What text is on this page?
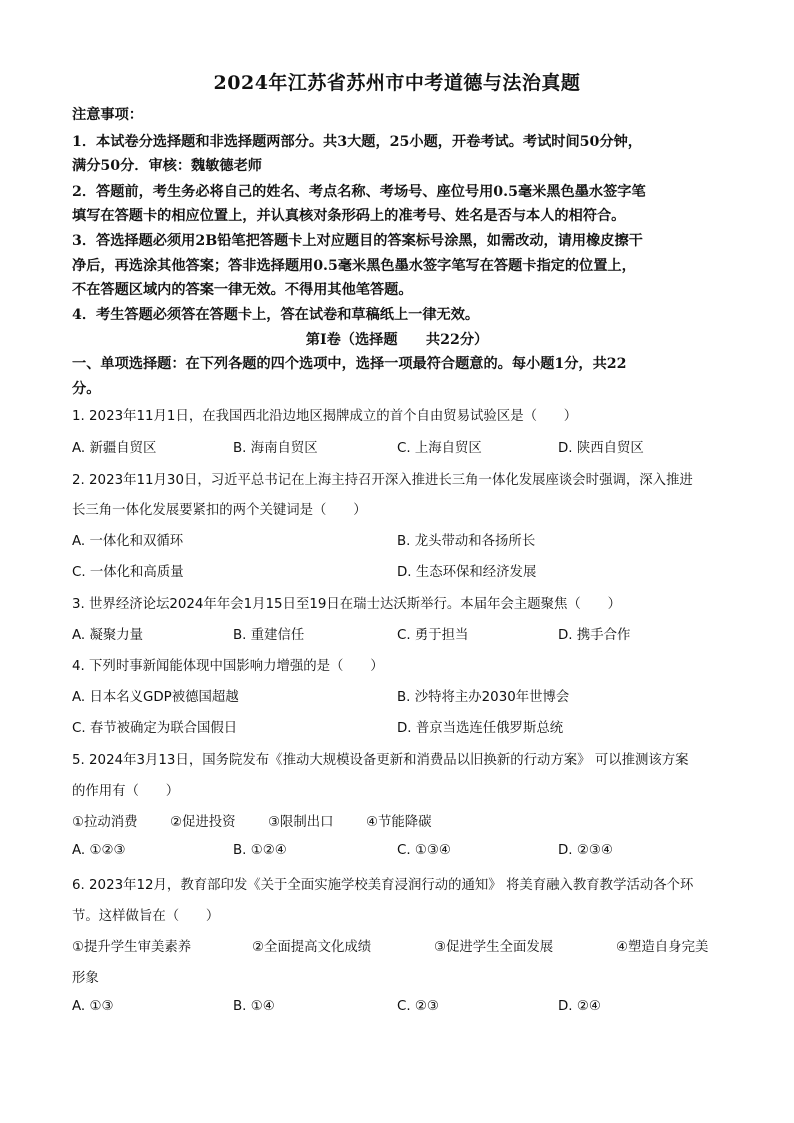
2024年江苏省苏州市中考道德与法治真题
注意事项：
1．本试卷分选择题和非选择题两部分。共3大题，25小题，开卷考试。考试时间50分钟，
满分50分．审核：魏敏德老师
2．答题前，考生务必将自己的姓名、考点名称、考场号、座位号用0.5毫米黑色墨水签字笔
填写在答题卡的相应位置上，并认真核对条形码上的准考号、姓名是否与本人的相符合。
3．答选择题必须用2B铅笔把答题卡上对应题目的答案标号涂黑，如需改动，请用橡皮擦干
净后，再选涂其他答案；答非选择题用0.5毫米黑色墨水签字笔写在答题卡指定的位置上，
不在答题区域内的答案一律无效。不得用其他笔答题。
4．考生答题必须答在答题卡上，答在试卷和草稿纸上一律无效。
第Ⅰ卷（选择题　　共22分）
一、单项选择题：在下列各题的四个选项中，选择一项最符合题意的。每小题1分，共22
分。
1. 2023年11月1日，在我国西北沿边地区揭牌成立的首个自由贸易试验区是（　　）
A. 新疆自贸区	B. 海南自贸区	C. 上海自贸区	D. 陕西自贸区
2. 2023年11月30日，习近平总书记在上海主持召开深入推进长三角一体化发展座谈会时强调，深入推进
长三角一体化发展要紧扣的两个关键词是（　　）
A. 一体化和双循环	B. 龙头带动和各扬所长
C. 一体化和高质量	D. 生态环保和经济发展
3. 世界经济论坛2024年年会1月15日至19日在瑞士达沃斯举行。本届年会主题聚焦（　　）
A. 凝聚力量	B. 重建信任	C. 勇于担当	D. 携手合作
4. 下列时事新闻能体现中国影响力增强的是（　　）
A. 日本名义GDP被德国超越	B. 沙特将主办2030年世博会
C. 春节被确定为联合国假日	D. 普京当选连任俄罗斯总统
5. 2024年3月13日，国务院发布《推动大规模设备更新和消费品以旧换新的行动方案》 可以推测该方案
的作用有（　　）
①拉动消费 ②促进投资 ③限制出口 ④节能降碳
A. ①②③	B. ①②④	C. ①③④	D. ②③④
6. 2023年12月，教育部印发《关于全面实施学校美育浸润行动的通知》 将美育融入教育教学活动各个环
节。这样做旨在（　　）
①提升学生审美素养	②全面提高文化成绩	③促进学生全面发展	④塑造自身完美
形象
A. ①③	B. ①④	C. ②③	D. ②④
